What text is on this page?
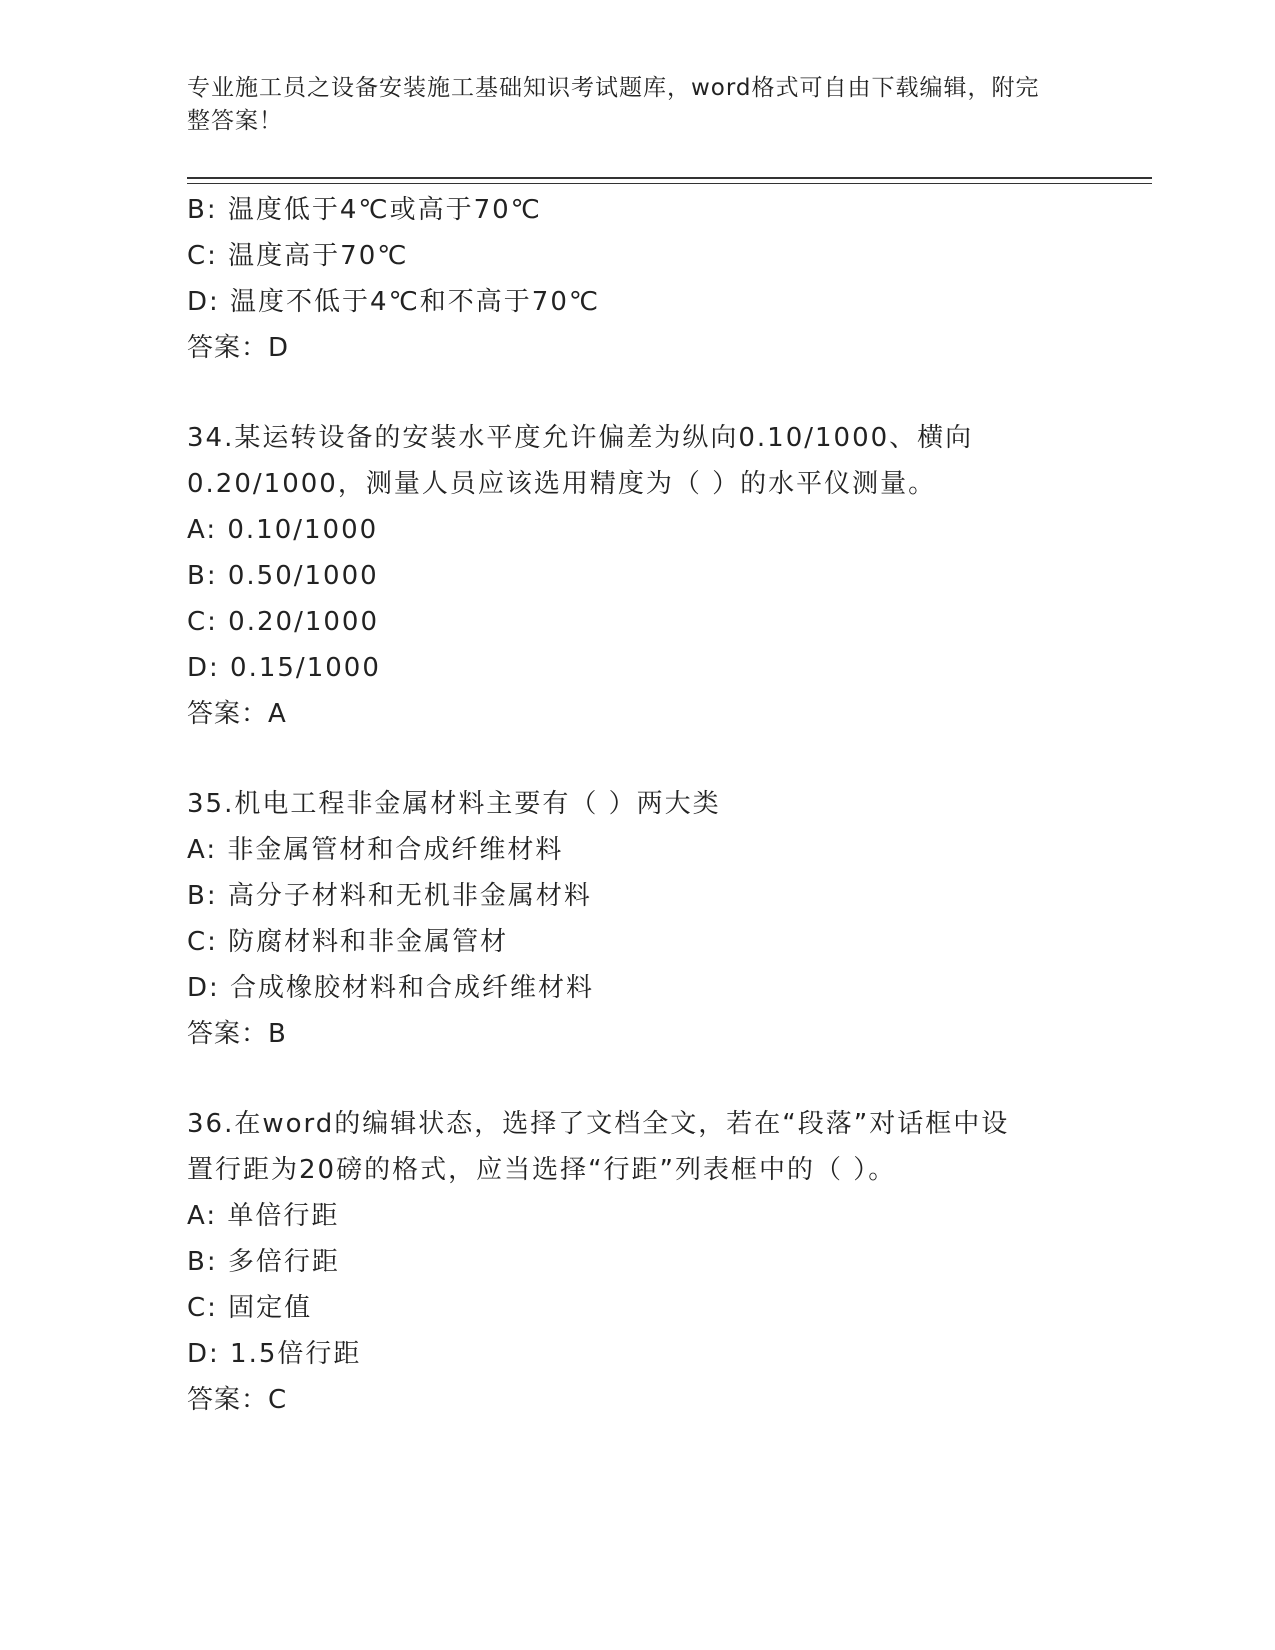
专业施工员之设备安装施工基础知识考试题库，word格式可自由下载编辑，附完
整答案！
B: 温度低于4℃或高于70℃
C: 温度高于70℃
D: 温度不低于4℃和不高于70℃
答案：D
34.某运转设备的安装水平度允许偏差为纵向0.10/1000、横向
0.20/1000，测量人员应该选用精度为（ ）的水平仪测量。
A: 0.10/1000
B: 0.50/1000
C: 0.20/1000
D: 0.15/1000
答案：A
35.机电工程非金属材料主要有（ ）两大类
A: 非金属管材和合成纤维材料
B: 高分子材料和无机非金属材料
C: 防腐材料和非金属管材
D: 合成橡胶材料和合成纤维材料
答案：B
36.在word的编辑状态，选择了文档全文，若在“段落”对话框中设
置行距为20磅的格式，应当选择“行距”列表框中的（ ）。
A: 单倍行距
B: 多倍行距
C: 固定值
D: 1.5倍行距
答案：C
